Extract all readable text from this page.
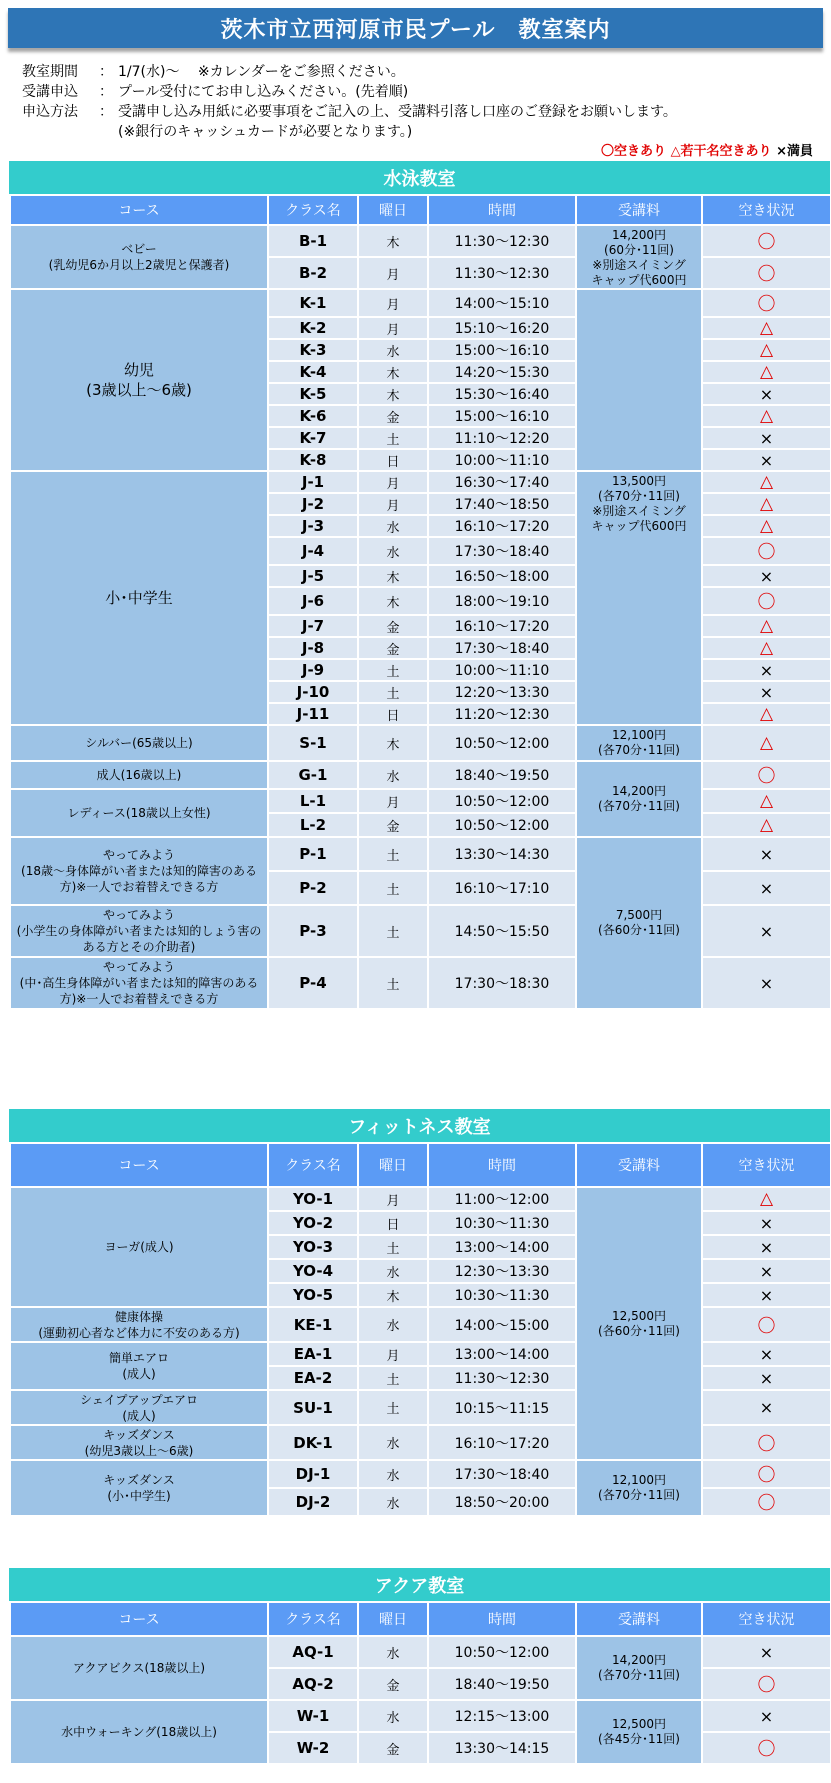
茨木市立西河原市民プール　教室案内
教室期間	： 1/7(水)～　 ※カレンダーをご参照ください。
受講申込	： プール受付にてお申し込みください。(先着順)
申込方法	： 受講申し込み用紙に必要事項をご記入の上、受講料引落し口座のご登録をお願いします。
(※銀行のキャッシュカードが必要となります。)
〇空きあり △若干名空きあり ×満員
水泳教室
コース	クラス名	曜日	時間	受講料	空き状況
ベビー
(乳幼児6か月以上2歳児と保護者)	B-1	木	11:30～12:30	14,200円
(60分･11回)
※別途スイミング
キャップ代600円	〇
	B-2	月	11:30～12:30		〇
幼児
(3歳以上～6歳)	K-1	月	14:00～15:10		〇
	K-2	月	15:10～16:20		△
	K-3	水	15:00～16:10		△
	K-4	木	14:20～15:30		△
	K-5	木	15:30～16:40		×
	K-6	金	15:00～16:10		△
	K-7	土	11:10～12:20		×
	K-8	日	10:00～11:10		×
小･中学生	J-1	月	16:30～17:40	13,500円
(各70分･11回)
※別途スイミング
キャップ代600円	△
	J-2	月	17:40～18:50		△
	J-3	水	16:10～17:20		△
	J-4	水	17:30～18:40		〇
	J-5	木	16:50～18:00		×
	J-6	木	18:00～19:10		〇
	J-7	金	16:10～17:20		△
	J-8	金	17:30～18:40		△
	J-9	土	10:00～11:10		×
	J-10	土	12:20～13:30		×
	J-11	日	11:20～12:30		△
シルバー(65歳以上)	S-1	木	10:50～12:00	12,100円
(各70分･11回)	△
成人(16歳以上)	G-1	水	18:40～19:50	14,200円
(各70分･11回)	〇
レディース(18歳以上女性)	L-1	月	10:50～12:00		△
	L-2	金	10:50～12:00		△
やってみよう
(18歳～身体障がい者または知的障害のある方)※一人でお着替えできる方	P-1	土	13:30～14:30	7,500円
(各60分･11回)	×
	P-2	土	16:10～17:10		×
やってみよう
(小学生の身体障がい者または知的しょう害のある方とその介助者)	P-3	土	14:50～15:50		×
やってみよう
(中･高生身体障がい者または知的障害のある方)※一人でお着替えできる方	P-4	土	17:30～18:30		×
フィットネス教室
コース	クラス名	曜日	時間	受講料	空き状況
ヨーガ(成人)	YO-1	月	11:00～12:00	12,500円
(各60分･11回)	△
	YO-2	日	10:30～11:30		×
	YO-3	土	13:00～14:00		×
	YO-4	水	12:30～13:30		×
	YO-5	木	10:30～11:30		×
健康体操
(運動初心者など体力に不安のある方)	KE-1	水	14:00～15:00		〇
簡単エアロ
(成人)	EA-1	月	13:00～14:00		×
	EA-2	土	11:30～12:30		×
シェイプアップエアロ
(成人)	SU-1	土	10:15～11:15		×
キッズダンス
(幼児3歳以上～6歳)	DK-1	水	16:10～17:20		〇
キッズダンス
(小･中学生)	DJ-1	水	17:30～18:40	12,100円
(各70分･11回)	〇
	DJ-2	水	18:50～20:00		〇
アクア教室
コース	クラス名	曜日	時間	受講料	空き状況
アクアビクス(18歳以上)	AQ-1	水	10:50～12:00	14,200円
(各70分･11回)	×
	AQ-2	金	18:40～19:50		〇
水中ウォーキング(18歳以上)	W-1	水	12:15～13:00	12,500円
(各45分･11回)	×
	W-2	金	13:30～14:15		〇
